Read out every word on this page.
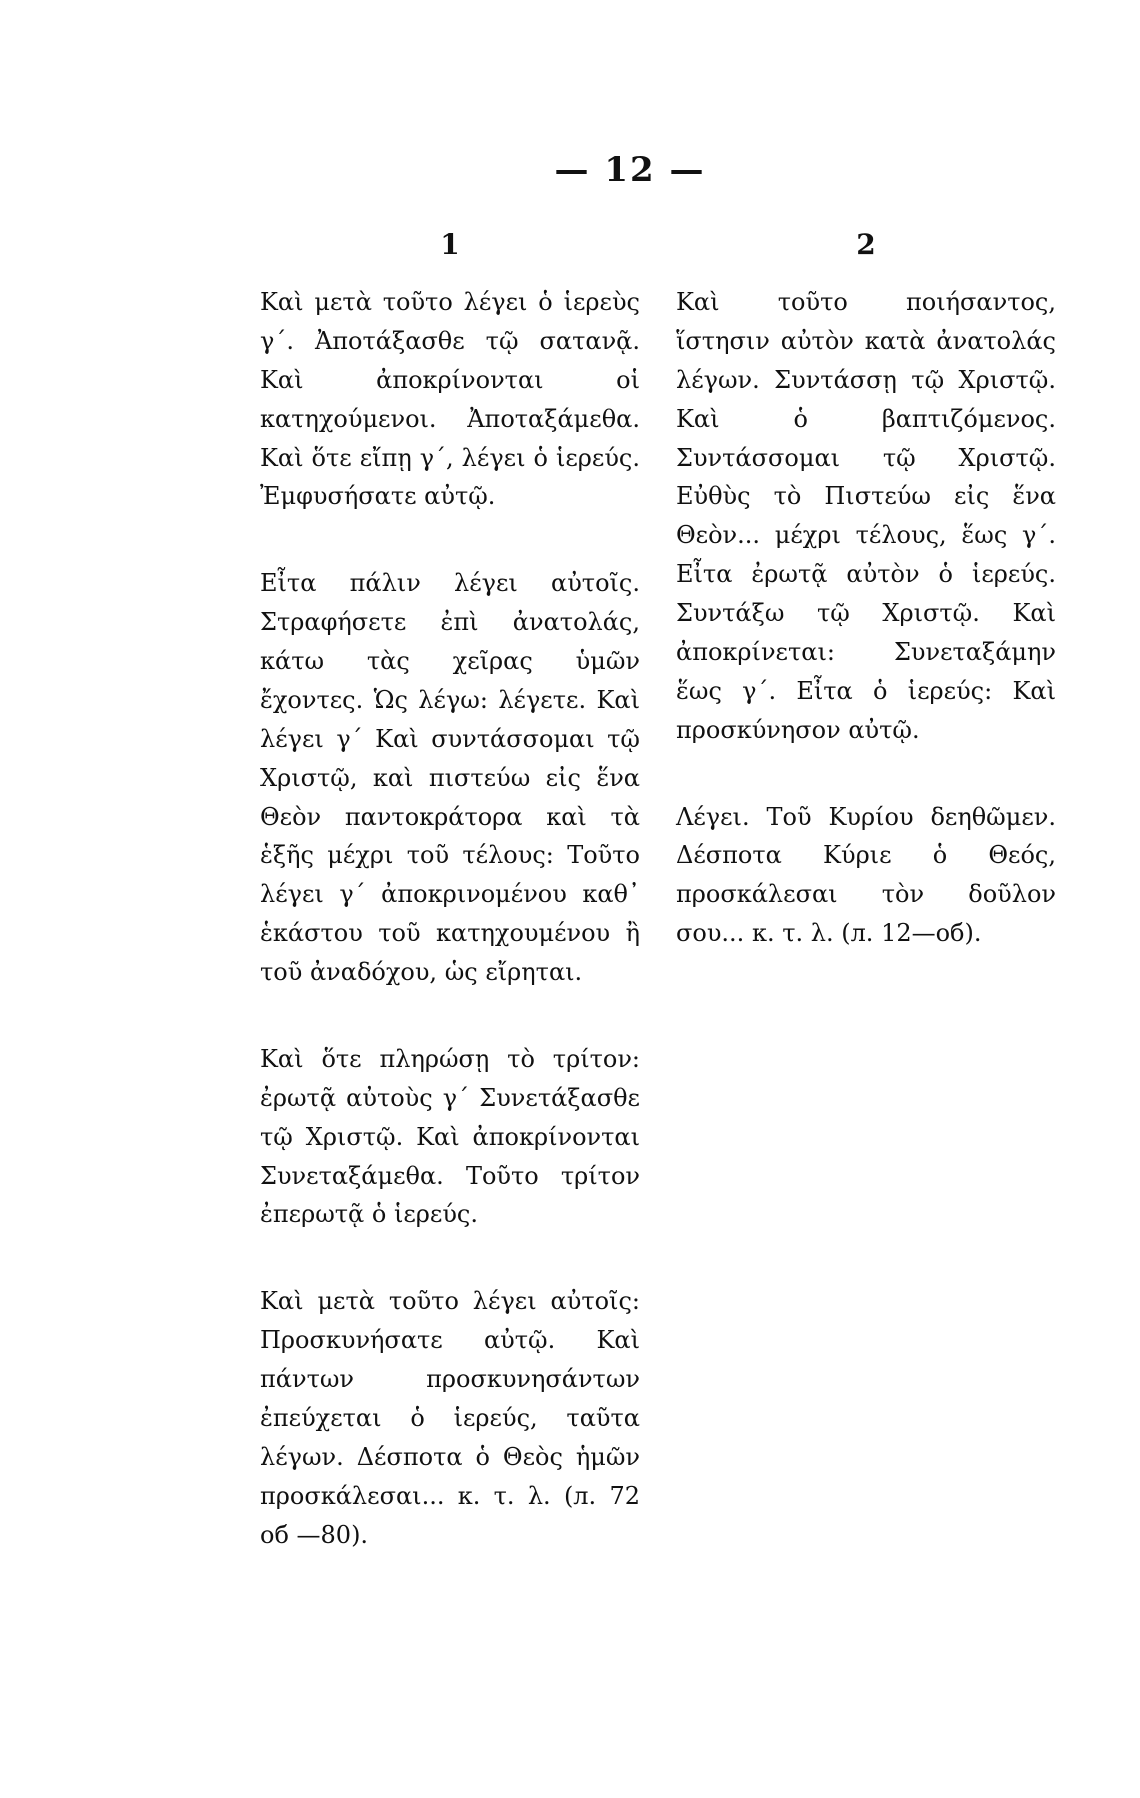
— 12 —
1

Καὶ μετὰ τοῦτο λέγει ὁ ἱερεὺς γ΄. Ἀποτάξασθε τῷ σατανᾷ. Καὶ ἀποκρίνονται οἱ κατηχούμενοι. Ἀποταξάμεθα. Καὶ ὅτε εἴπῃ γ΄, λέγει ὁ ἱερεύς. Ἐμφυσήσατε αὐτῷ.

Εἶτα πάλιν λέγει αὐτοῖς. Στραφήσετε ἐπὶ ἀνατολάς, κάτω τὰς χεῖρας ὑμῶν ἔχοντες. Ὡς λέγω: λέγετε. Καὶ λέγει γ΄ Καὶ συντάσσομαι τῷ Χριστῷ, καὶ πιστεύω εἰς ἕνα Θεὸν παντοκράτορα καὶ τὰ ἑξῆς μέχρι τοῦ τέλους: Τοῦτο λέγει γ΄ ἀποκρινομένου καθ᾽ ἑκάστου τοῦ κατηχουμένου ἢ τοῦ ἀναδόχου, ὡς εἴρηται.

Καὶ ὅτε πληρώσῃ τὸ τρίτον: ἐρωτᾷ αὐτοὺς γ΄ Συνετάξασθε τῷ Χριστῷ. Καὶ ἀποκρίνονται Συνεταξάμεθα. Τοῦτο τρίτον ἐπερωτᾷ ὁ ἱερεύς.

Καὶ μετὰ τοῦτο λέγει αὐτοῖς: Προσκυνήσατε αὐτῷ. Καὶ πάντων προσκυνησάντων ἐπεύχεται ὁ ἱερεύς, ταῦτα λέγων. Δέσποτα ὁ Θεὸς ἡμῶν προσκάλεσαι... κ. τ. λ. (л. 72 об —80).

2

Καὶ τοῦτο ποιήσαντος, ἵστησιν αὐτὸν κατὰ ἀνατολάς λέγων. Συντάσσῃ τῷ Χριστῷ. Καὶ ὁ βαπτιζόμενος. Συντάσσομαι τῷ Χριστῷ. Εὐθὺς τὸ Πιστεύω εἰς ἕνα Θεὸν... μέχρι τέλους, ἕως γ΄. Εἶτα ἐρωτᾷ αὐτὸν ὁ ἱερεύς. Συντάξω τῷ Χριστῷ. Καὶ ἀποκρίνεται: Συνεταξάμην ἕως γ΄. Εἶτα ὁ ἱερεύς: Καὶ προσκύνησον αὐτῷ.

Λέγει. Τοῦ Κυρίου δεηθῶμεν. Δέσποτα Κύριε ὁ Θεός, προσκάλεσαι τὸν δοῦλον σου... κ. τ. λ. (л. 12—об).
